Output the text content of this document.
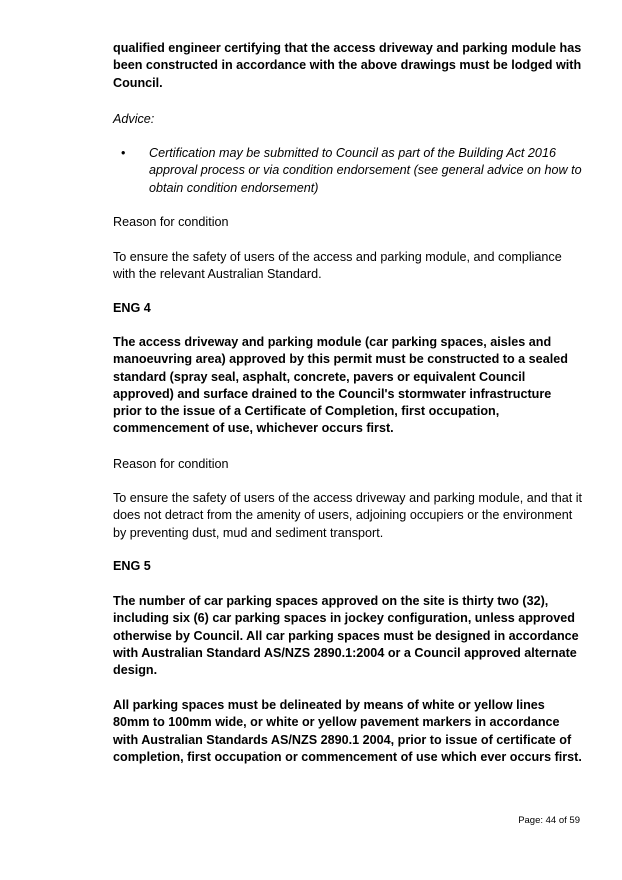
qualified engineer certifying that the access driveway and parking module has been constructed in accordance with the above drawings must be lodged with Council.

Advice:

• Certification may be submitted to Council as part of the Building Act 2016 approval process or via condition endorsement (see general advice on how to obtain condition endorsement)

Reason for condition

To ensure the safety of users of the access and parking module, and compliance with the relevant Australian Standard.

ENG 4

The access driveway and parking module (car parking spaces, aisles and manoeuvring area) approved by this permit must be constructed to a sealed standard (spray seal, asphalt, concrete, pavers or equivalent Council approved) and surface drained to the Council's stormwater infrastructure prior to the issue of a Certificate of Completion, first occupation, commencement of use, whichever occurs first.

Reason for condition

To ensure the safety of users of the access driveway and parking module, and that it does not detract from the amenity of users, adjoining occupiers or the environment by preventing dust, mud and sediment transport.

ENG 5

The number of car parking spaces approved on the site is thirty two (32), including six (6) car parking spaces in jockey configuration, unless approved otherwise by Council. All car parking spaces must be designed in accordance with Australian Standard AS/NZS 2890.1:2004 or a Council approved alternate design.

All parking spaces must be delineated by means of white or yellow lines 80mm to 100mm wide, or white or yellow pavement markers in accordance with Australian Standards AS/NZS 2890.1 2004, prior to issue of certificate of completion, first occupation or commencement of use which ever occurs first.

Page: 44 of 59
